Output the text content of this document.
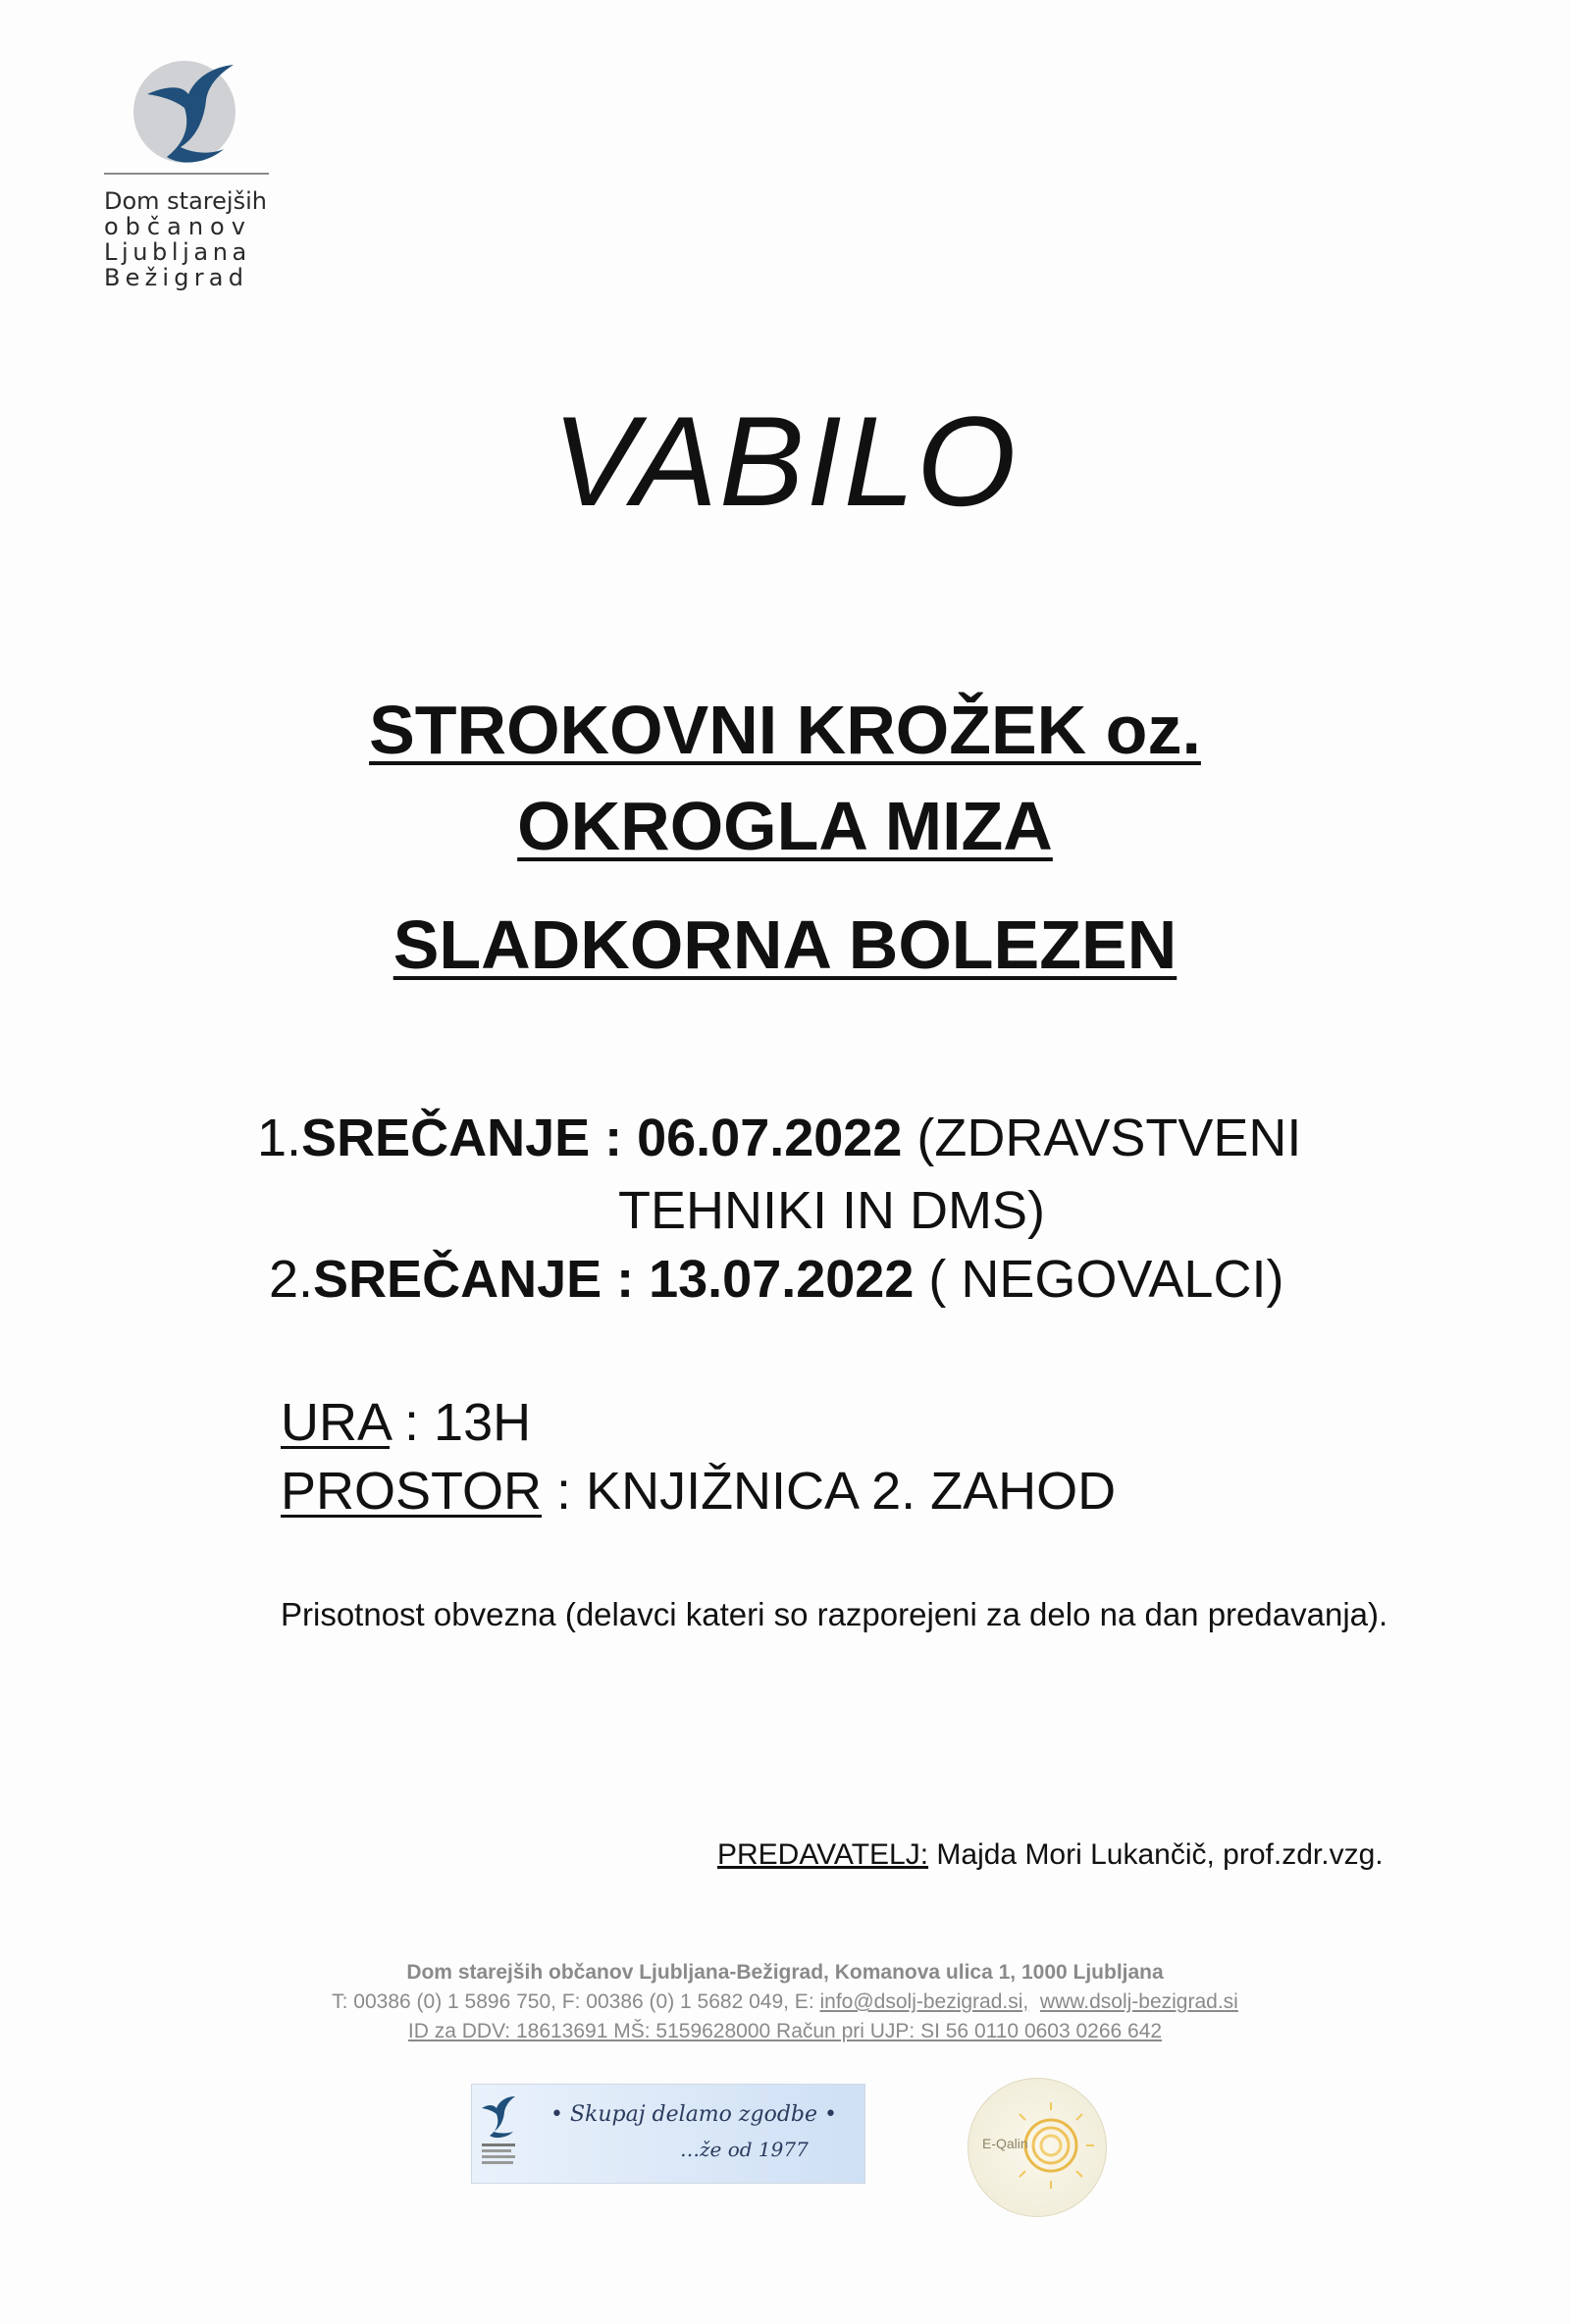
Dom starejših
občanov
Ljubljana
Bežigrad
VABILO
STROKOVNI KROŽEK oz.
OKROGLA MIZA
SLADKORNA BOLEZEN
1.SREČANJE : 06.07.2022 (ZDRAVSTVENI
TEHNIKI IN DMS)
2.SREČANJE : 13.07.2022 ( NEGOVALCI)
URA : 13H
PROSTOR : KNJIŽNICA 2. ZAHOD
Prisotnost obvezna (delavci kateri so razporejeni za delo na dan predavanja).
PREDAVATELJ: Majda Mori Lukančič, prof.zdr.vzg.
Dom starejših občanov Ljubljana-Bežigrad, Komanova ulica 1, 1000 Ljubljana
T: 00386 (0) 1 5896 750, F: 00386 (0) 1 5682 049, E: info@dsolj-bezigrad.si, www.dsolj-bezigrad.si
ID za DDV: 18613691 MŠ: 5159628000 Račun pri UJP: SI 56 0110 0603 0266 642
• Skupaj delamo zgodbe •
…že od 1977	E-Qalin
